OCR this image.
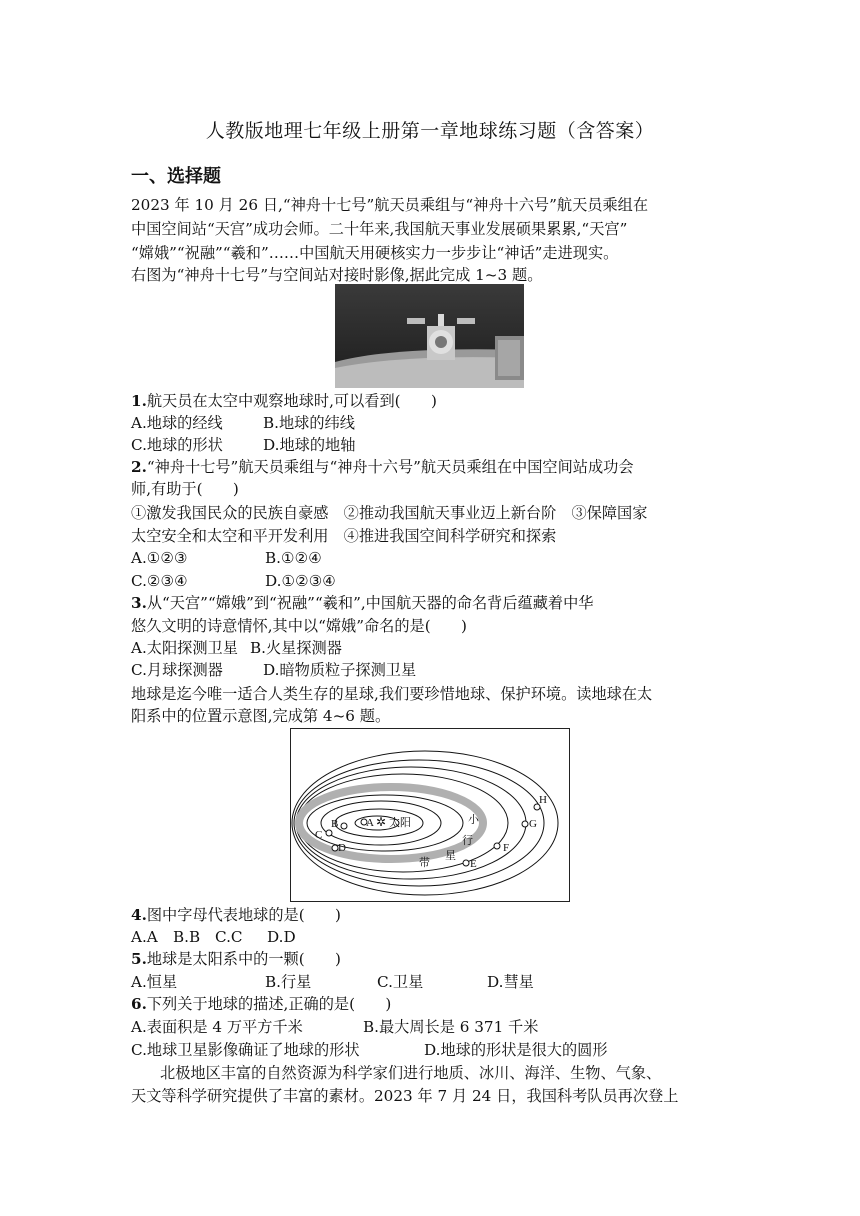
人教版地理七年级上册第一章地球练习题（含答案）
一、选择题
2023 年 10 月 26 日,“神舟十七号”航天员乘组与“神舟十六号”航天员乘组在
中国空间站“天宫”成功会师。二十年来,我国航天事业发展硕果累累,“天宫”
“嫦娥”“祝融”“羲和”……中国航天用硬核实力一步步让“神话”走进现实。
右图为“神舟十七号”与空间站对接时影像,据此完成 1~3 题。
1.航天员在太空中观察地球时,可以看到(　　)
A.地球的经线	B.地球的纬线
C.地球的形状	D.地球的地轴
2.“神舟十七号”航天员乘组与“神舟十六号”航天员乘组在中国空间站成功会
师,有助于(　　)
①激发我国民众的民族自豪感　②推动我国航天事业迈上新台阶　③保障国家
太空安全和太空和平开发利用　④推进我国空间科学研究和探索
A.①②③	B.①②④
C.②③④	D.①②③④
3.从“天宫”“嫦娥”到“祝融”“羲和”,中国航天器的命名背后蕴藏着中华
悠久文明的诗意情怀,其中以“嫦娥”命名的是(　　)
A.太阳探测卫星 B.火星探测器
C.月球探测器	D.暗物质粒子探测卫星
地球是迄今唯一适合人类生存的星球,我们要珍惜地球、保护环境。读地球在太
阳系中的位置示意图,完成第 4~6 题。
A ✲ 太阳
B
C
D
E
F
G
H
小
行
星
带
4.图中字母代表地球的是(　　)
A.A B.B C.C D.D
5.地球是太阳系中的一颗(　　)
A.恒星	B.行星	C.卫星	D.彗星
6.下列关于地球的描述,正确的是(　　)
A.表面积是 4 万平方千米	B.最大周长是 6 371 千米
C.地球卫星影像确证了地球的形状	D.地球的形状是很大的圆形
北极地区丰富的自然资源为科学家们进行地质、冰川、海洋、生物、气象、
天文等科学研究提供了丰富的素材。2023 年 7 月 24 日，我国科考队员再次登上
